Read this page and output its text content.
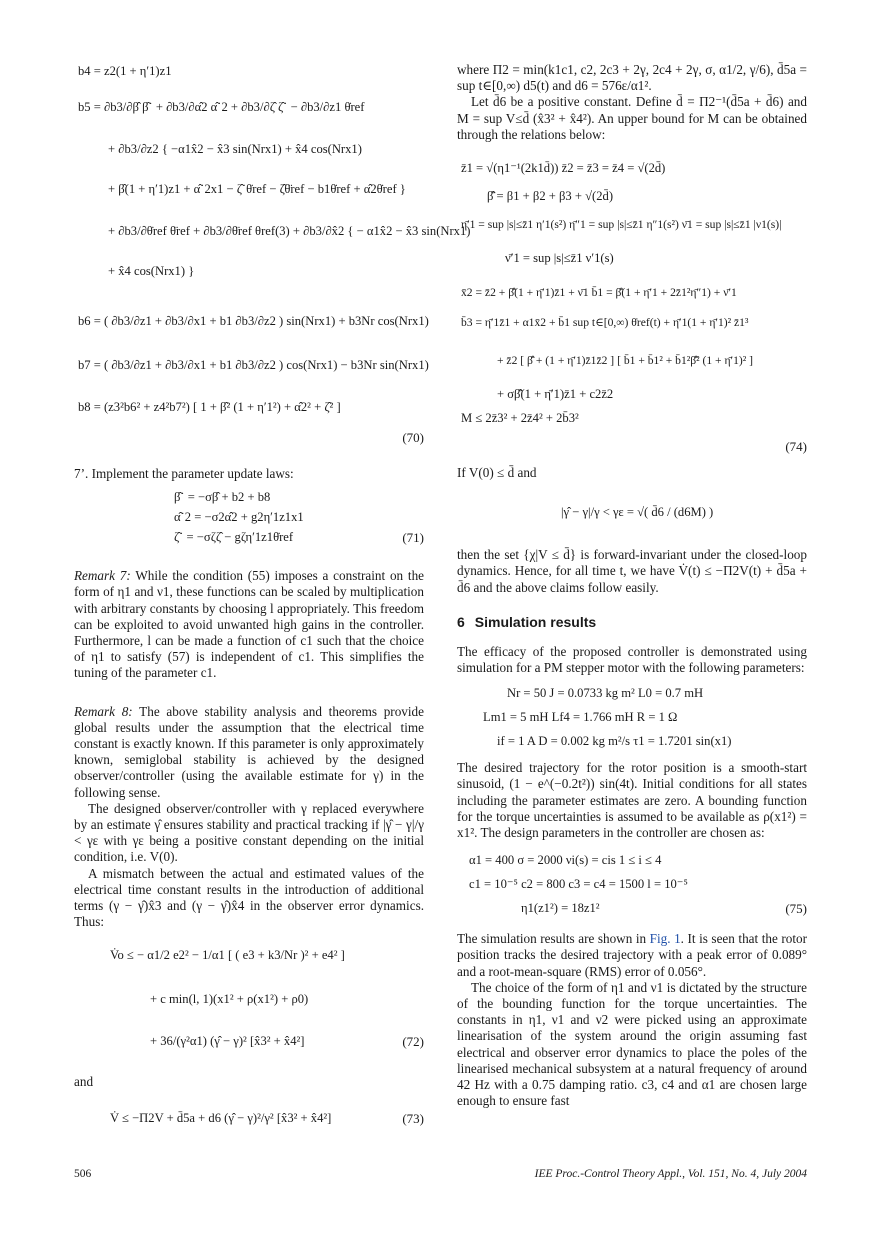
b4 = z2(1 + η′1)z1
b5 = ∂b3/∂β̂ β̂˙ + ∂b3/∂α̂2 α̂˙2 + ∂b3/∂ζ̂ ζ̂˙ − ∂b3/∂z1 θ̇ref
+ ∂b3/∂z2 { −α1x̂2 − x̂3 sin(Nrx1) + x̂4 cos(Nrx1)
+ β̂(1 + η′1)z1 + α̂˙2x1 − ζ̂˙θ̇ref − ζ̂θ̈ref − b1θ̇ref + α̂2θ̇ref }
+ ∂b3/∂θ̇ref θ̈ref + ∂b3/∂θ̈ref θref(3) + ∂b3/∂x̂2 { − α1x̂2 − x̂3 sin(Nrx1)
+ x̂4 cos(Nrx1) }
b6 = ( ∂b3/∂z1 + ∂b3/∂x1 + b1 ∂b3/∂z2 ) sin(Nrx1) + b3Nr cos(Nrx1)
b7 = ( ∂b3/∂z1 + ∂b3/∂x1 + b1 ∂b3/∂z2 ) cos(Nrx1) − b3Nr sin(Nrx1)
b8 = (z3²b6² + z4²b7²) [ 1 + β̂² (1 + η′1²) + α̂2² + ζ̂² ]
(70)

7’. Implement the parameter update laws:

β̂˙ = −σβ̂ + b2 + b8
α̂˙2 = −σ2α̂2 + g2η′1z1x1
ζ̂˙ = −σζζ̂ − gζη′1z1θ̇ref	(71)

Remark 7: While the condition (55) imposes a constraint on the form of η1 and ν1, these functions can be scaled by multiplication with arbitrary constants by choosing l appropriately. This freedom can be exploited to avoid unwanted high gains in the controller. Furthermore, l can be made a function of c1 such that the choice of η1 to satisfy (57) is independent of c1. This simplifies the tuning of the parameter c1.

Remark 8: The above stability analysis and theorems provide global results under the assumption that the electrical time constant is exactly known. If this parameter is only approximately known, semiglobal stability is achieved by the designed observer/controller (using the available estimate for γ) in the following sense.

The designed observer/controller with γ replaced everywhere by an estimate γ̂ ensures stability and practical tracking if |γ̂ − γ|/γ < γε with γε being a positive constant depending on the initial condition, i.e. V(0).

A mismatch between the actual and estimated values of the electrical time constant results in the introduction of additional terms (γ − γ̂)x̂3 and (γ − γ̂)x̂4 in the observer error dynamics. Thus:

V̇o ≤ − α1/2 e2² − 1/α1 [ ( e3 + k3/Nr )² + e4² ]
+ c min(l, 1)(x1² + ρ(x1²) + ρ0)
+ 36/(γ²α1) (γ̂ − γ)² [x̂3² + x̂4²]	(72)

and

V̇ ≤ −Π2V + d̄5a + d6 (γ̂ − γ)²/γ² [x̂3² + x̂4²]	(73)

where Π2 = min(k1c1, c2, 2c3 + 2γ, 2c4 + 2γ, σ, α1/2, γ/6), d̄5a = sup t∈[0,∞) d5(t) and d6 = 576ε/α1².

Let d̄6 be a positive constant. Define d̄ = Π2⁻¹(d̄5a + d̄6) and M = sup V≤d̄ (x̂3² + x̂4²). An upper bound for M can be obtained through the relations below:

z̄1 = √(η1⁻¹(2k1d̄)) z̄2 = z̄3 = z̄4 = √(2d̄)
β̄̂ = β1 + β2 + β3 + √(2d̄)
η̄′1 = sup |s|≤z̄1 η′1(s²) η̄″1 = sup |s|≤z̄1 η″1(s²) ν̄1 = sup |s|≤z̄1 |ν1(s)|
ν̄′1 = sup |s|≤z̄1 ν′1(s)
x̄2 = z̄2 + β̄̂(1 + η̄′1)z̄1 + ν̄1 b̄1 = β̄̂(1 + η̄′1 + 2z̄1²η̄″1) + ν̄′1
b̄3 = η̄′1z̄1 + α1x̄2 + b̄1 sup t∈[0,∞) θ̇ref(t) + η̄′1(1 + η̄′1)² z̄1³
+ z̄2 [ β̄̂ + (1 + η̄′1)z̄1z̄2 ] [ b̄1 + b̄1² + b̄1²β̄̂² (1 + η̄′1)² ]
+ σβ̄̂(1 + η̄′1)z̄1 + c2z̄2
M ≤ 2z̄3² + 2z̄4² + 2b̄3²
(74)

If V(0) ≤ d̄ and

|γ̂ − γ|/γ < γε = √( d̄6 / (d6M) )

then the set {χ|V ≤ d̄} is forward-invariant under the closed-loop dynamics. Hence, for all time t, we have V̇(t) ≤ −Π2V(t) + d̄5a + d̄6 and the above claims follow easily.

6 Simulation results

The efficacy of the proposed controller is demonstrated using simulation for a PM stepper motor with the following parameters:

Nr = 50 J = 0.0733 kg m² L0 = 0.7 mH
Lm1 = 5 mH Lf4 = 1.766 mH R = 1 Ω
if = 1 A D = 0.002 kg m²/s τ1 = 1.7201 sin(x1)

The desired trajectory for the rotor position is a smooth-start sinusoid, (1 − e^(−0.2t²)) sin(4t). Initial conditions for all states including the parameter estimates are zero. A bounding function for the torque uncertainties is assumed to be available as ρ(x1²) = x1². The design parameters in the controller are chosen as:

α1 = 400 σ = 2000 νi(s) = cis 1 ≤ i ≤ 4
c1 = 10⁻⁵ c2 = 800 c3 = c4 = 1500 l = 10⁻⁵
η1(z1²) = 18z1²	(75)

The simulation results are shown in Fig. 1. It is seen that the rotor position tracks the desired trajectory with a peak error of 0.089° and a root-mean-square (RMS) error of 0.056°.

The choice of the form of η1 and ν1 is dictated by the structure of the bounding function for the torque uncertainties. The constants in η1, ν1 and ν2 were picked using an approximate linearisation of the system around the origin assuming fast electrical and observer error dynamics to place the poles of the linearised mechanical subsystem at a natural frequency of around 42 Hz with a 0.75 damping ratio. c3, c4 and α1 are chosen large enough to ensure fast

506	IEE Proc.-Control Theory Appl., Vol. 151, No. 4, July 2004
